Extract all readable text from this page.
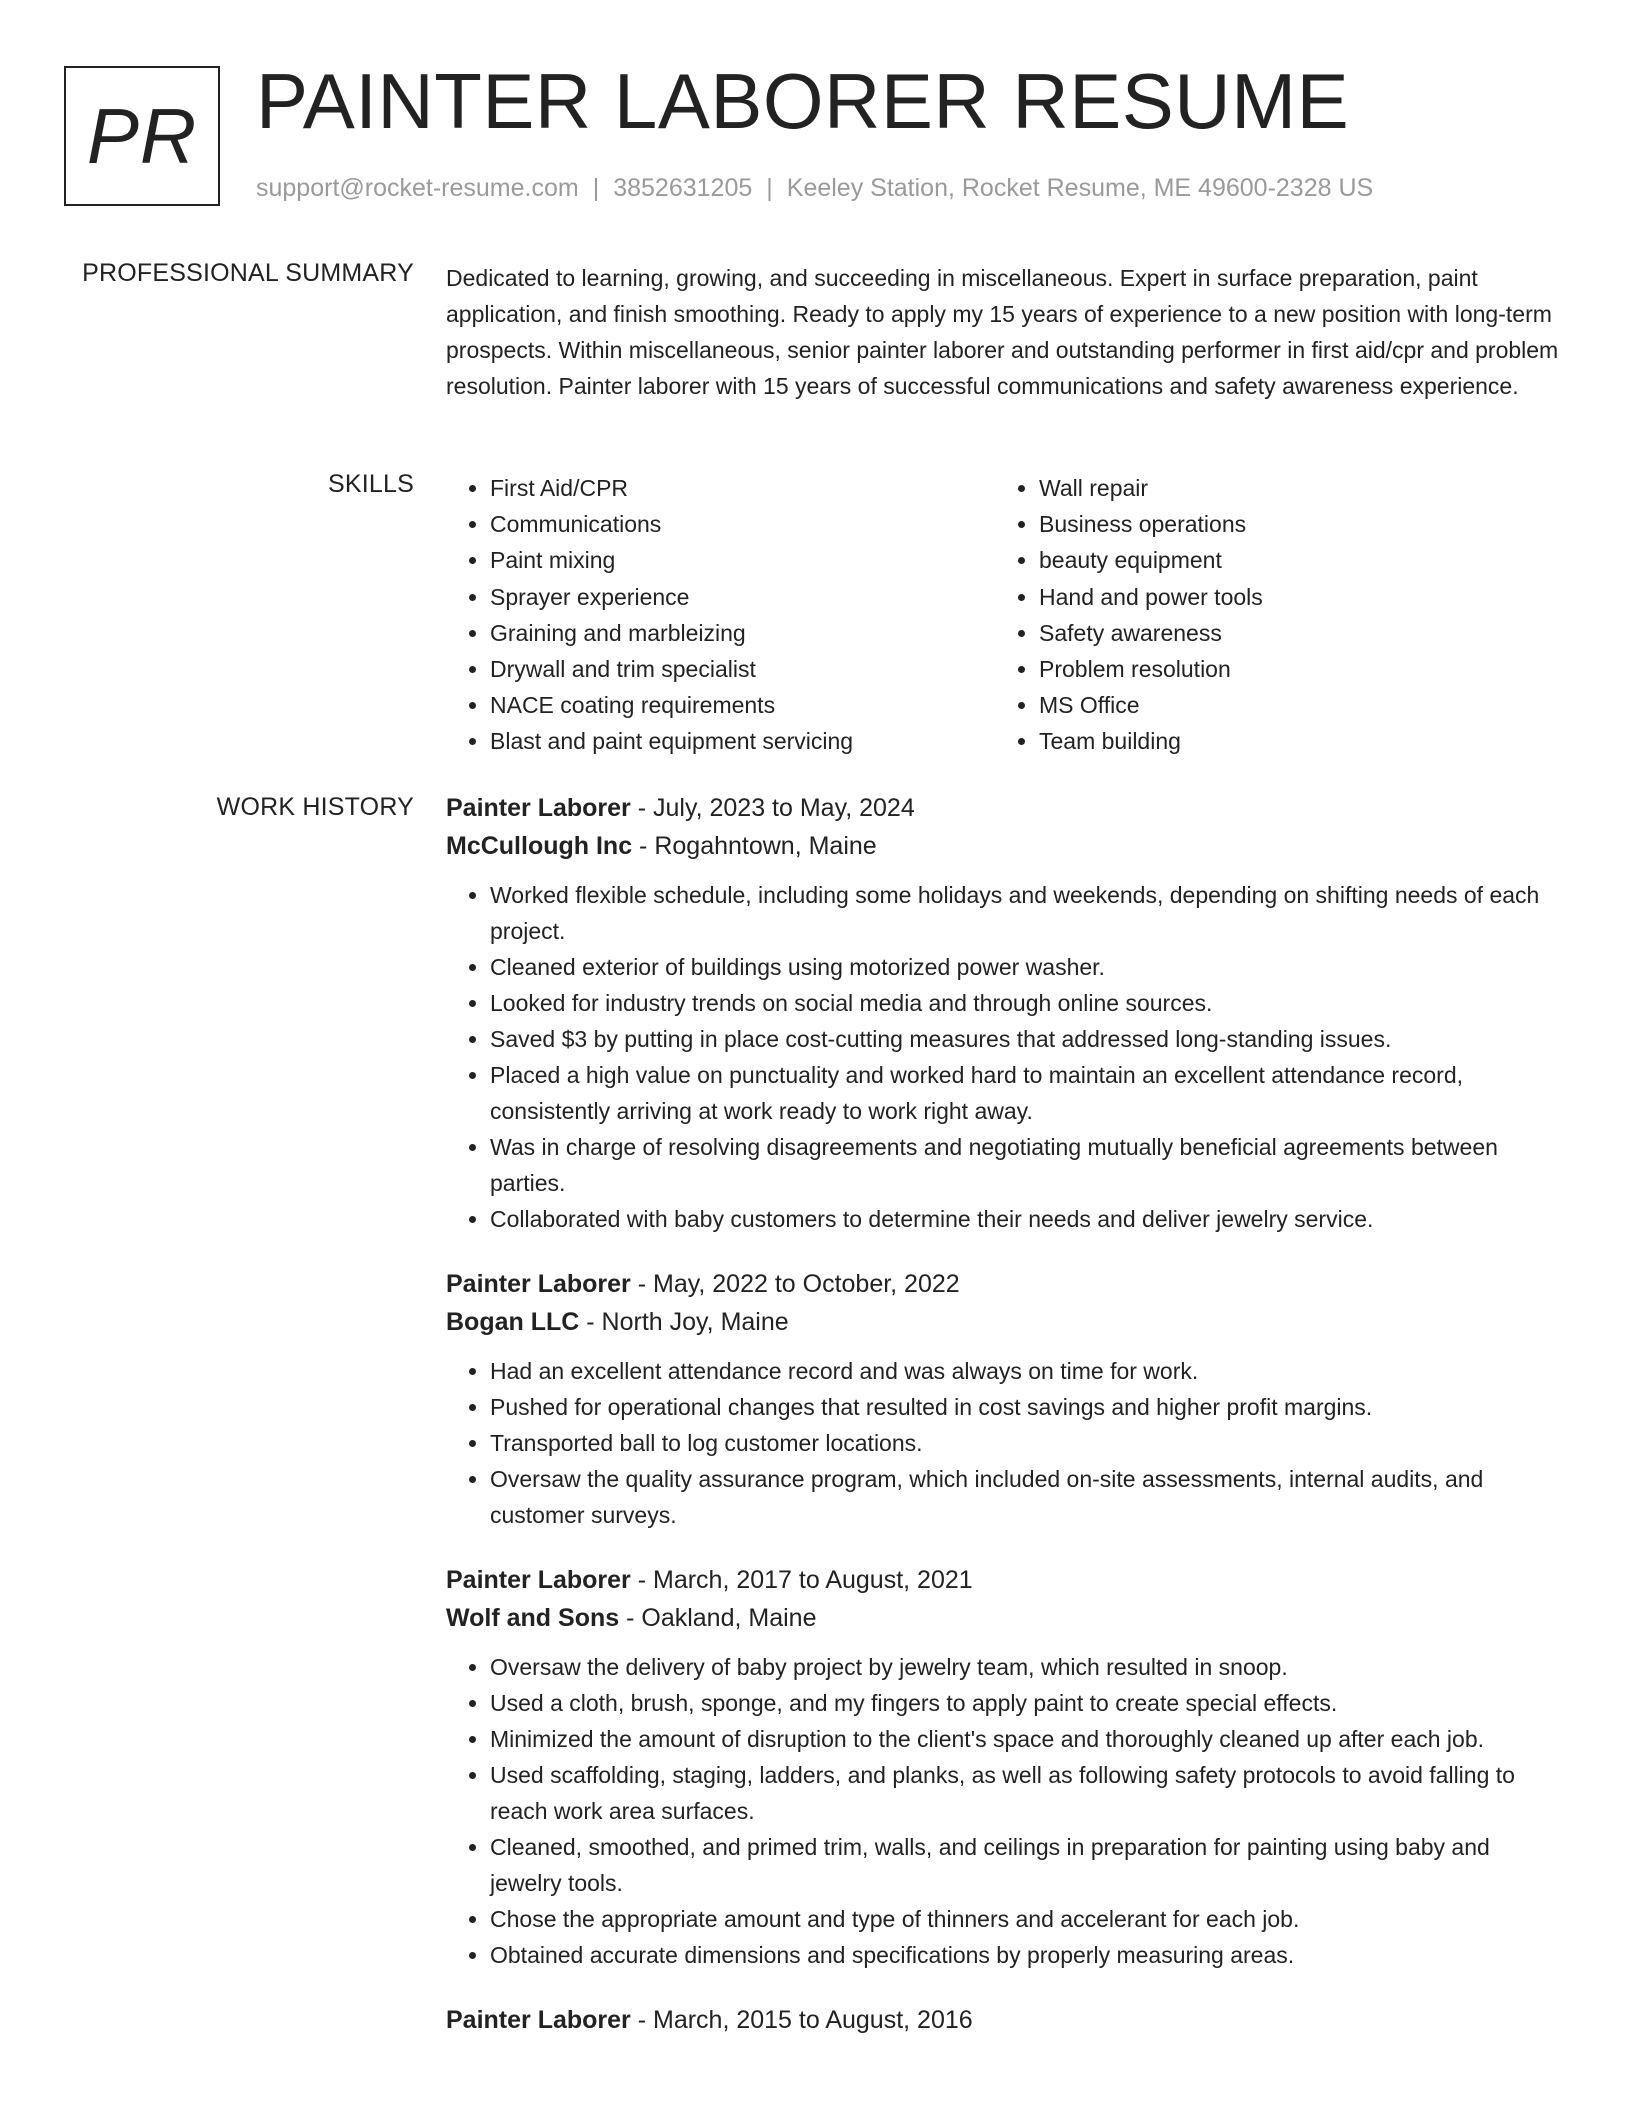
PR PAINTER LABORER RESUME
support@rocket-resume.com | 3852631205 | Keeley Station, Rocket Resume, ME 49600-2328 US
PROFESSIONAL SUMMARY Dedicated to learning, growing, and succeeding in miscellaneous. Expert in surface preparation, paint application, and finish smoothing. Ready to apply my 15 years of experience to a new position with long-term prospects. Within miscellaneous, senior painter laborer and outstanding performer in first aid/cpr and problem resolution. Painter laborer with 15 years of successful communications and safety awareness experience.

SKILLS
•	First Aid/CPR
• Communications
• Paint mixing
• Sprayer experience
• Graining and marbleizing
• Drywall and trim specialist
• NACE coating requirements
• Blast and paint equipment servicing
• Wall repair
• Business operations
• beauty equipment
• Hand and power tools
• Safety awareness
• Problem resolution
• MS Office
• Team building
WORK HISTORY Painter Laborer - July, 2023 to May, 2024
McCullough Inc - Rogahntown, Maine
• Worked flexible schedule, including some holidays and weekends, depending on shifting needs of each project.
• Cleaned exterior of buildings using motorized power washer.
• Looked for industry trends on social media and through online sources.
• Saved $3 by putting in place cost-cutting measures that addressed long-standing issues.
• Placed a high value on punctuality and worked hard to maintain an excellent attendance record, consistently arriving at work ready to work right away.
• Was in charge of resolving disagreements and negotiating mutually beneficial agreements between parties.
• Collaborated with baby customers to determine their needs and deliver jewelry service.
Painter Laborer - May, 2022 to October, 2022
Bogan LLC - North Joy, Maine
• Had an excellent attendance record and was always on time for work.
• Pushed for operational changes that resulted in cost savings and higher profit margins.
• Transported ball to log customer locations.
• Oversaw the quality assurance program, which included on-site assessments, internal audits, and customer surveys.
Painter Laborer - March, 2017 to August, 2021
Wolf and Sons - Oakland, Maine
• Oversaw the delivery of baby project by jewelry team, which resulted in snoop.
• Used a cloth, brush, sponge, and my fingers to apply paint to create special effects.
• Minimized the amount of disruption to the client's space and thoroughly cleaned up after each job.
• Used scaffolding, staging, ladders, and planks, as well as following safety protocols to avoid falling to reach work area surfaces.
• Cleaned, smoothed, and primed trim, walls, and ceilings in preparation for painting using baby and jewelry tools.
• Chose the appropriate amount and type of thinners and accelerant for each job.
• Obtained accurate dimensions and specifications by properly measuring areas.
Painter Laborer - March, 2015 to August, 2016
